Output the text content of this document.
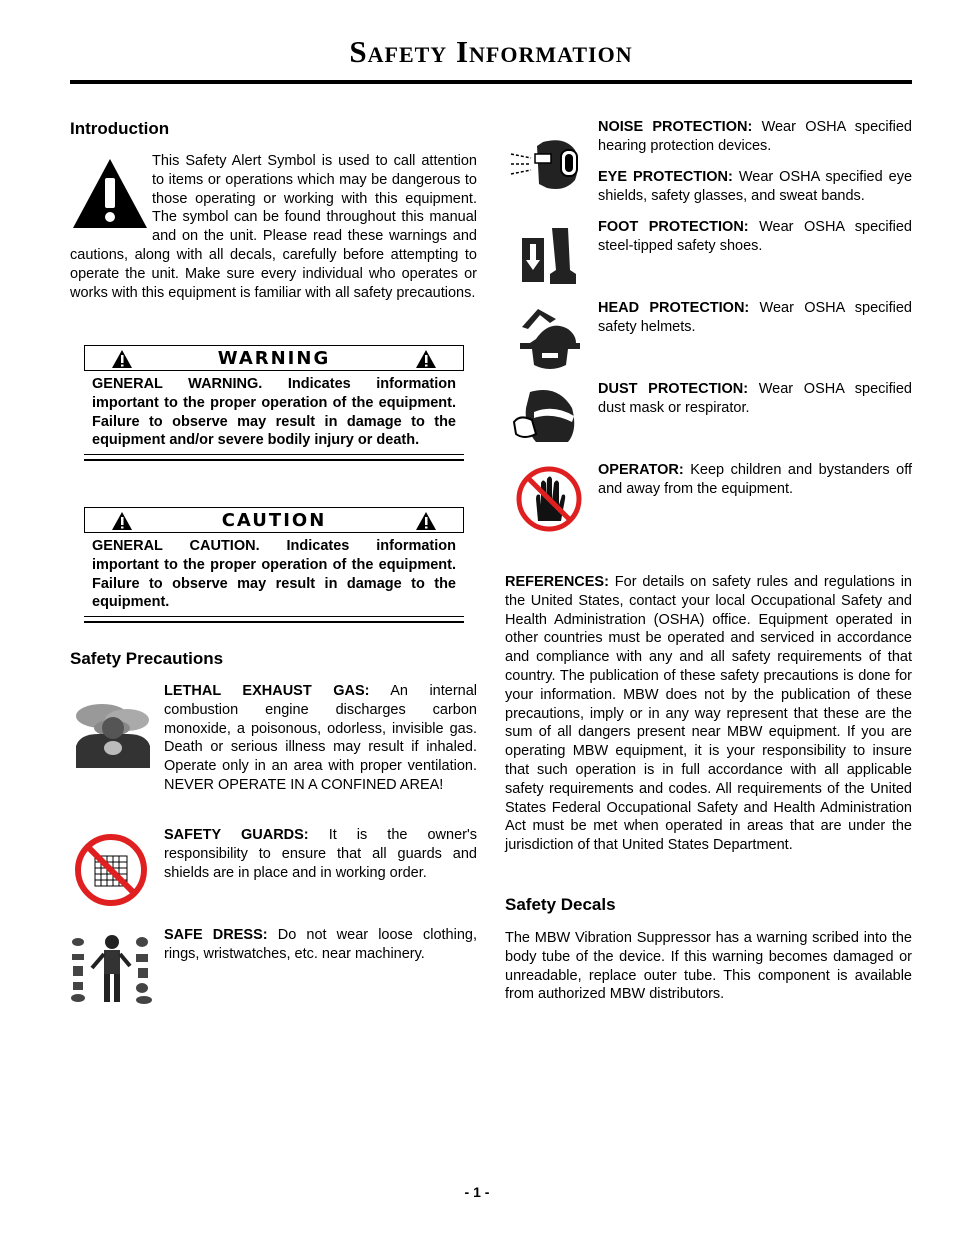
Safety Information
Introduction
This Safety Alert Symbol is used to call attention to items or operations which may be dangerous to those operating or working with this equipment. The symbol can be found throughout this manual and on the unit. Please read these warnings and cautions, along with all decals, carefully before attempting to operate the unit. Make sure every individual who operates or works with this equipment is familiar with all safety precautions.
WARNING
GENERAL WARNING. Indicates information important to the proper operation of the equipment. Failure to observe may result in damage to the equipment and/or severe bodily injury or death.
CAUTION
GENERAL CAUTION. Indicates information important to the proper operation of the equipment. Failure to observe may result in damage to the equipment.
Safety Precautions
LETHAL EXHAUST GAS: An internal combustion engine discharges carbon monoxide, a poisonous, odorless, invisible gas. Death or serious illness may result if inhaled. Operate only in an area with proper ventilation. NEVER OPERATE IN A CONFINED AREA!
SAFETY GUARDS: It is the owner's responsibility to ensure that all guards and shields are in place and in working order.
SAFE DRESS: Do not wear loose clothing, rings, wristwatches, etc. near machinery.
NOISE PROTECTION: Wear OSHA specified hearing protection devices.
EYE PROTECTION: Wear OSHA specified eye shields, safety glasses, and sweat bands.
FOOT PROTECTION: Wear OSHA specified steel-tipped safety shoes.
HEAD PROTECTION: Wear OSHA specified safety helmets.
DUST PROTECTION: Wear OSHA specified dust mask or respirator.
OPERATOR: Keep children and bystanders off and away from the equipment.
REFERENCES: For details on safety rules and regulations in the United States, contact your local Occupational Safety and Health Administration (OSHA) office. Equipment operated in other countries must be operated and serviced in accordance and compliance with any and all safety requirements of that country. The publication of these safety precautions is done for your information. MBW does not by the publication of these precautions, imply or in any way represent that these are the sum of all dangers present near MBW equipment. If you are operating MBW equipment, it is your responsibility to insure that such operation is in full accordance with all applicable safety requirements and codes. All requirements of the United States Federal Occupational Safety and Health Administration Act must be met when operated in areas that are under the jurisdiction of that United States Department.
Safety Decals
The MBW Vibration Suppressor has a warning scribed into the body tube of the device. If this warning becomes damaged or unreadable, replace outer tube. This component is available from authorized MBW distributors.
- 1 -
